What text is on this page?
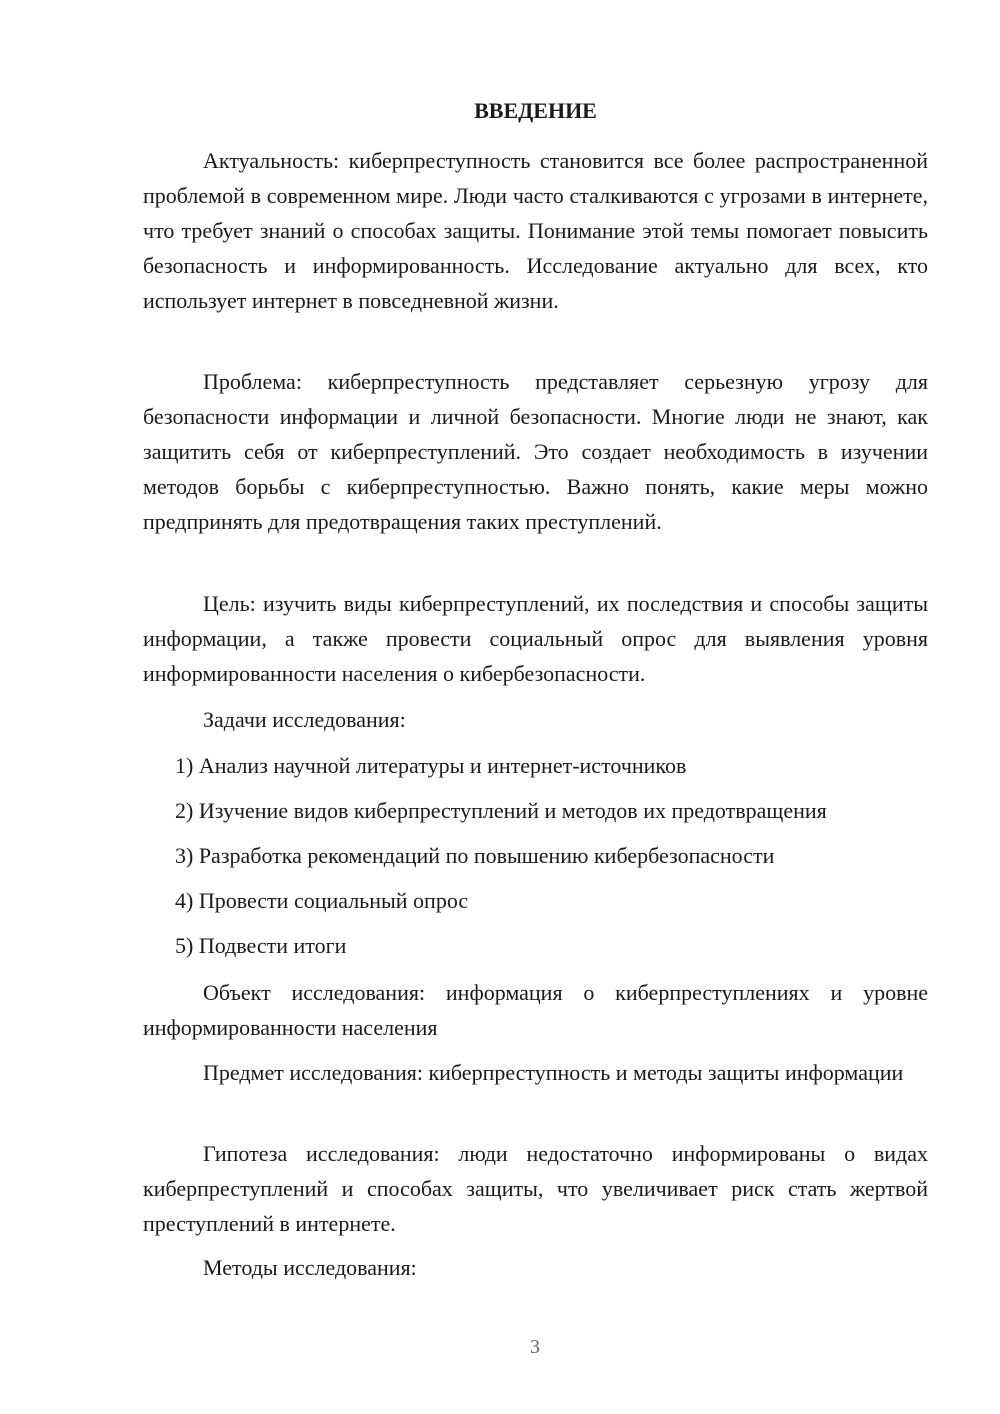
ВВЕДЕНИЕ

Актуальность: киберпреступность становится все более распространенной проблемой в современном мире. Люди часто сталкиваются с угрозами в интернете, что требует знаний о способах защиты. Понимание этой темы помогает повысить безопасность и информированность. Исследование актуально для всех, кто использует интернет в повседневной жизни.

Проблема: киберпреступность представляет серьезную угрозу для безопасности информации и личной безопасности. Многие люди не знают, как защитить себя от киберпреступлений. Это создает необходимость в изучении методов борьбы с киберпреступностью. Важно понять, какие меры можно предпринять для предотвращения таких преступлений.

Цель: изучить виды киберпреступлений, их последствия и способы защиты информации, а также провести социальный опрос для выявления уровня информированности населения о кибербезопасности.

Задачи исследования:

1) Анализ научной литературы и интернет-источников

2) Изучение видов киберпреступлений и методов их предотвращения

3) Разработка рекомендаций по повышению кибербезопасности

4) Провести социальный опрос

5) Подвести итоги

Объект исследования: информация о киберпреступлениях и уровне информированности населения

Предмет исследования: киберпреступность и методы защиты информации

Гипотеза исследования: люди недостаточно информированы о видах киберпреступлений и способах защиты, что увеличивает риск стать жертвой преступлений в интернете.

Методы исследования:

3
